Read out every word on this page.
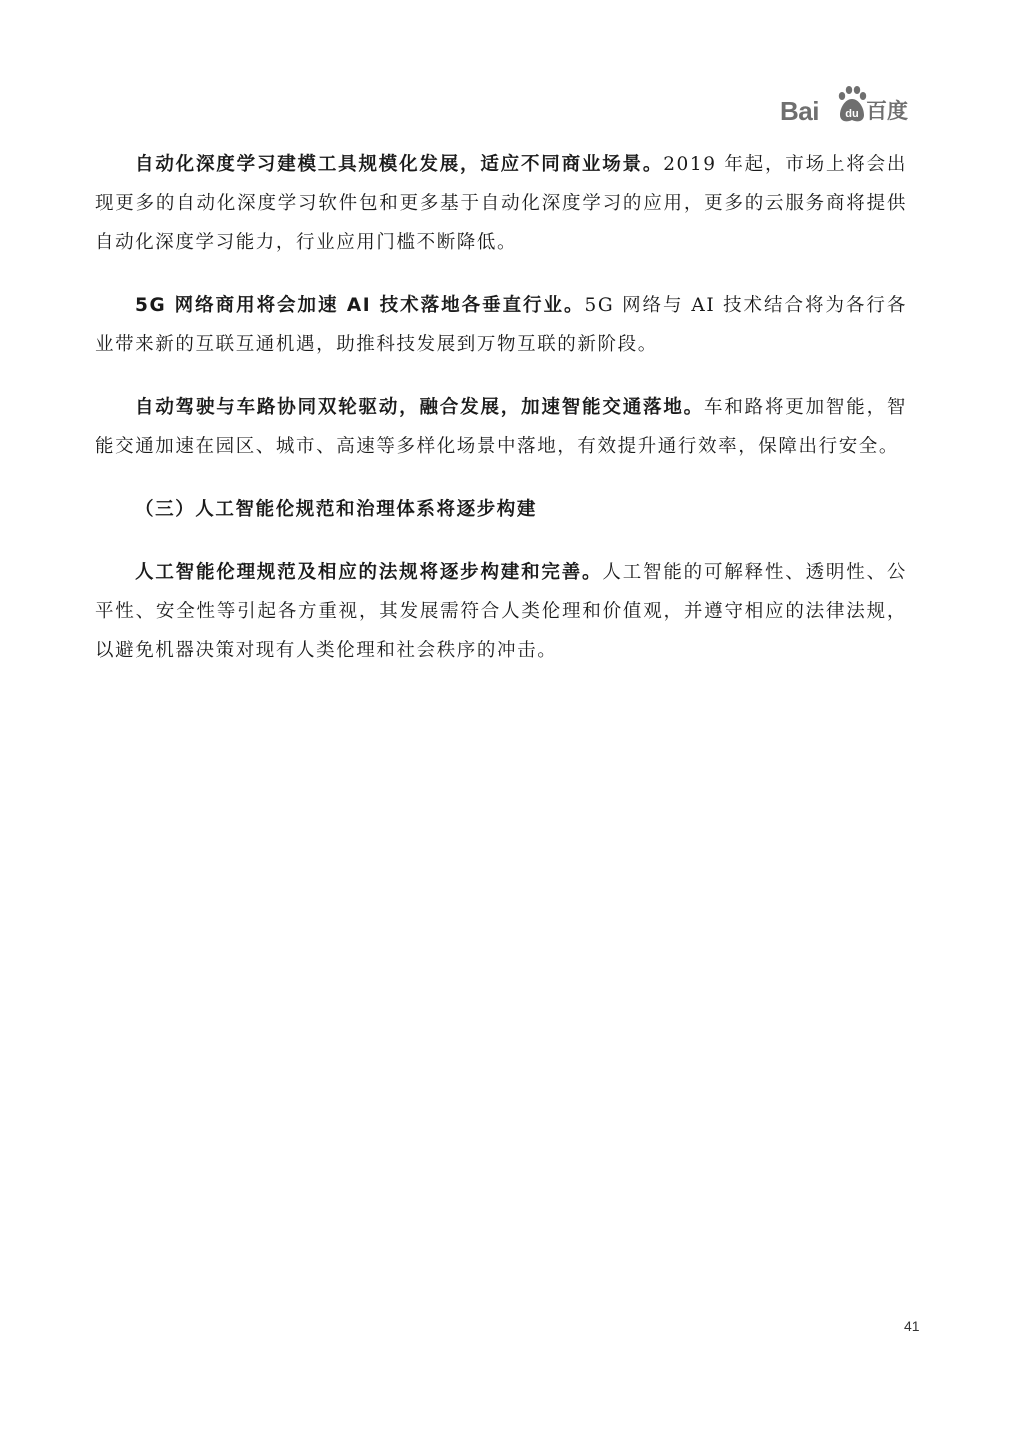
Bai du 百度

自动化深度学习建模工具规模化发展，适应不同商业场景。2019 年起，市场上将会出现更多的自动化深度学习软件包和更多基于自动化深度学习的应用，更多的云服务商将提供自动化深度学习能力，行业应用门槛不断降低。

5G 网络商用将会加速 AI 技术落地各垂直行业。5G 网络与 AI 技术结合将为各行各业带来新的互联互通机遇，助推科技发展到万物互联的新阶段。

自动驾驶与车路协同双轮驱动，融合发展，加速智能交通落地。车和路将更加智能，智能交通加速在园区、城市、高速等多样化场景中落地，有效提升通行效率，保障出行安全。

（三）人工智能伦规范和治理体系将逐步构建

人工智能伦理规范及相应的法规将逐步构建和完善。人工智能的可解释性、透明性、公平性、安全性等引起各方重视，其发展需符合人类伦理和价值观，并遵守相应的法律法规，以避免机器决策对现有人类伦理和社会秩序的冲击。

41
